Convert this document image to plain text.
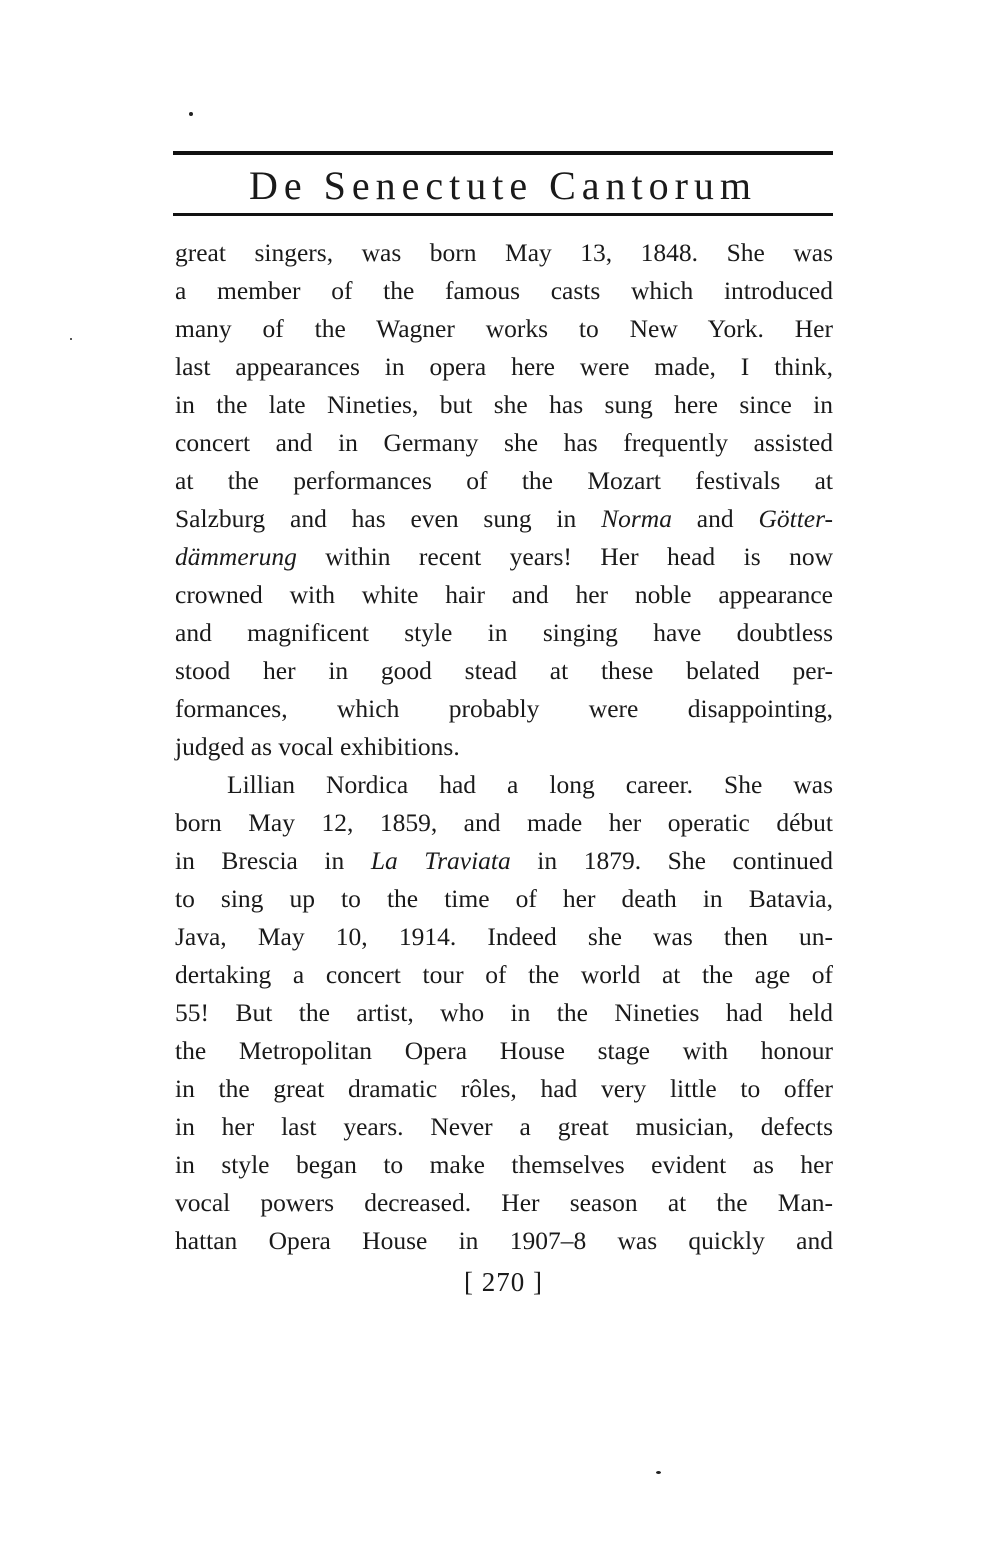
De Senectute Cantorum
great singers, was born May 13, 1848. She was
a member of the famous casts which introduced
many of the Wagner works to New York. Her
last appearances in opera here were made, I think,
in the late Nineties, but she has sung here since in
concert and in Germany she has frequently assisted
at the performances of the Mozart festivals at
Salzburg and has even sung in Norma and Götter-
dämmerung within recent years! Her head is now
crowned with white hair and her noble appearance
and magnificent style in singing have doubtless
stood her in good stead at these belated per-
formances, which probably were disappointing,
judged as vocal exhibitions.
Lillian Nordica had a long career. She was
born May 12, 1859, and made her operatic début
in Brescia in La Traviata in 1879. She continued
to sing up to the time of her death in Batavia,
Java, May 10, 1914. Indeed she was then un-
dertaking a concert tour of the world at the age of
55! But the artist, who in the Nineties had held
the Metropolitan Opera House stage with honour
in the great dramatic rôles, had very little to offer
in her last years. Never a great musician, defects
in style began to make themselves evident as her
vocal powers decreased. Her season at the Man-
hattan Opera House in 1907–8 was quickly and
[ 270 ]
